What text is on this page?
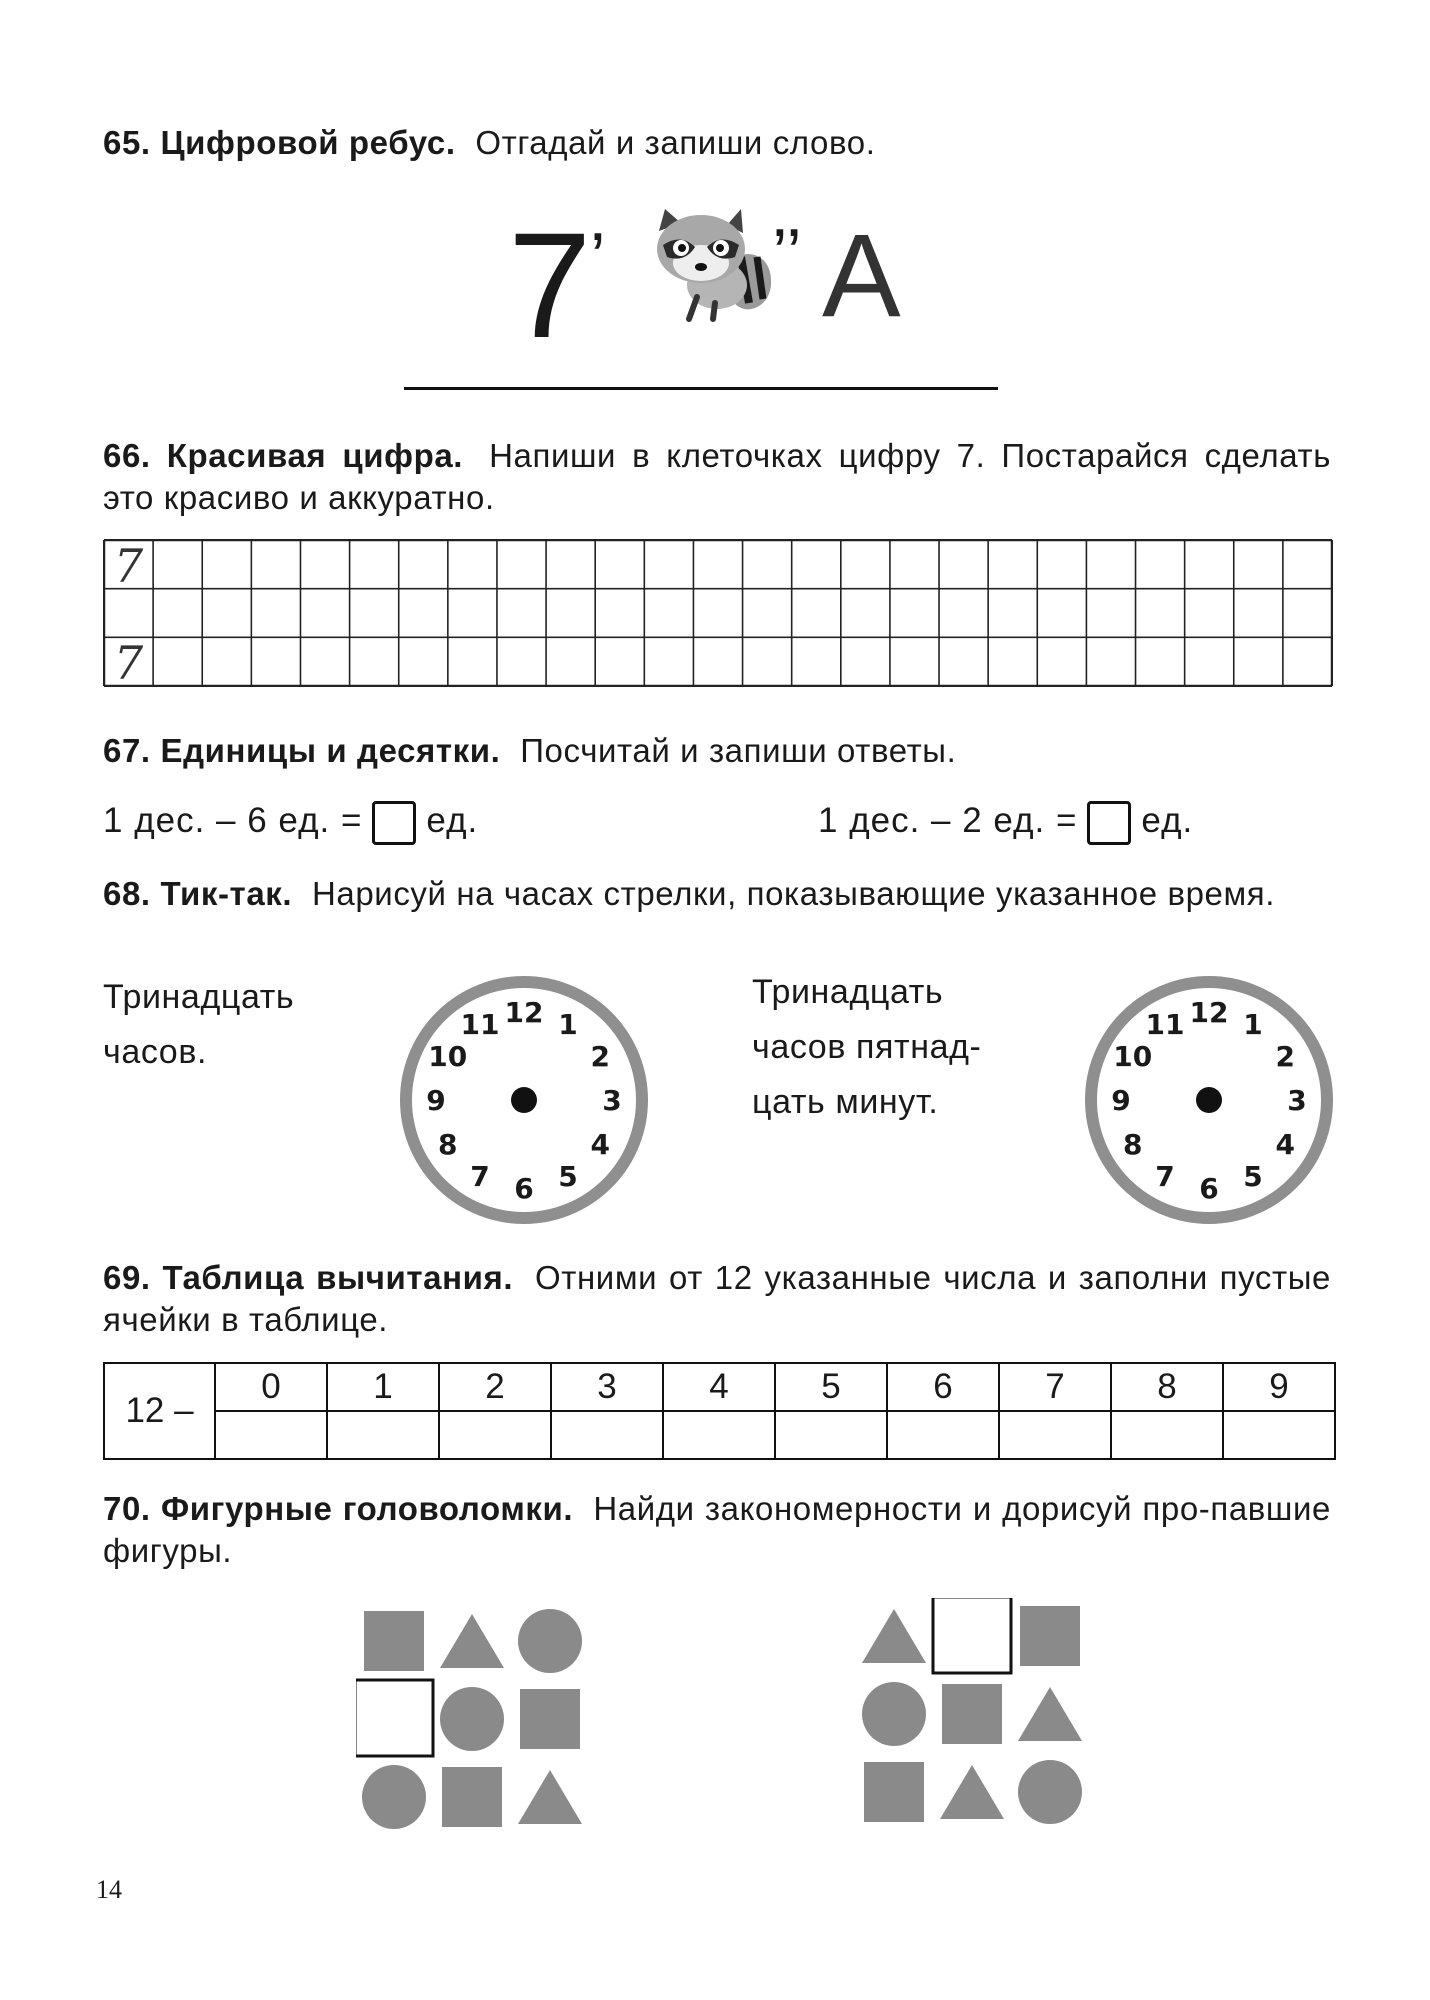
65. Цифровой ребус. Отгадай и запиши слово.
7
’ ’’ А
66. Красивая цифра. Напиши в клеточках цифру 7. Постарайся сделать это красиво и аккуратно.
7
7
67. Единицы и десятки. Посчитай и запиши ответы.
1 дес. – 6 ед. = ед.	1 дес. – 2 ед. = ед.
68. Тик-так. Нарисуй на часах стрелки, показывающие указанное время.
Тринадцать
часов.
12 1
2
3
4
5
6
7
8
9
10
11
Тринадцать
часов пятнад-
цать минут.
12 1
2
3
4
5
6
7
8
9
10
11
69. Таблица вычитания. Отними от 12 указанные числа и заполни пустые ячейки в таблице.
12 –	0	1	2	3	4	5	6	7	8	9

70. Фигурные головоломки. Найди закономерности и дорисуй про-павшие фигуры.
14
